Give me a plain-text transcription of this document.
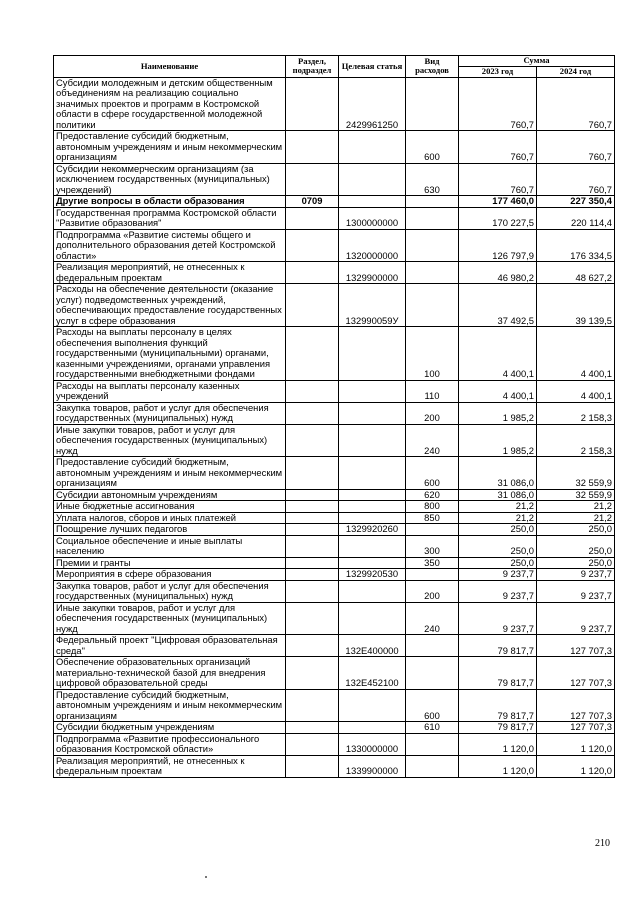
Наименование	Раздел, подраздел	Целевая статья	Вид расходов	Сумма	
				2023 год	2024 год
Субсидии молодежным и детским общественным объединениям на реализацию социально значимых проектов и программ в Костромской области в сфере государственной молодежной политики		2429961250		760,7	760,7
Предоставление субсидий бюджетным, автономным учреждениям и иным некоммерческим организациям			600	760,7	760,7
Субсидии некоммерческим организациям (за исключением государственных (муниципальных) учреждений)			630	760,7	760,7
Другие вопросы в области образования	0709			177 460,0	227 350,4
Государственная программа Костромской области "Развитие образования"		1300000000		170 227,5	220 114,4
Подпрограмма «Развитие системы общего и дополнительного образования детей Костромской области»		1320000000		126 797,9	176 334,5
Реализация мероприятий, не отнесенных к федеральным проектам		1329900000		46 980,2	48 627,2
Расходы на обеспечение деятельности (оказание услуг) подведомственных учреждений, обеспечивающих предоставление государственных услуг в сфере образования		132990059У		37 492,5	39 139,5
Расходы на выплаты персоналу в целях обеспечения выполнения функций государственными (муниципальными) органами, казенными учреждениями, органами управления государственными внебюджетными фондами			100	4 400,1	4 400,1
Расходы на выплаты персоналу казенных учреждений			110	4 400,1	4 400,1
Закупка товаров, работ и услуг для обеспечения государственных (муниципальных) нужд			200	1 985,2	2 158,3
Иные закупки товаров, работ и услуг для обеспечения государственных (муниципальных) нужд			240	1 985,2	2 158,3
Предоставление субсидий бюджетным, автономным учреждениям и иным некоммерческим организациям			600	31 086,0	32 559,9
Субсидии автономным учреждениям			620	31 086,0	32 559,9
Иные бюджетные ассигнования			800	21,2	21,2
Уплата налогов, сборов и иных платежей			850	21,2	21,2
Поощрение лучших педагогов		1329920260		250,0	250,0
Социальное обеспечение и иные выплаты населению			300	250,0	250,0
Премии и гранты			350	250,0	250,0
Мероприятия в сфере образования		1329920530		9 237,7	9 237,7
Закупка товаров, работ и услуг для обеспечения государственных (муниципальных) нужд			200	9 237,7	9 237,7
Иные закупки товаров, работ и услуг для обеспечения государственных (муниципальных) нужд			240	9 237,7	9 237,7
Федеральный проект "Цифровая образовательная среда"		132E400000		79 817,7	127 707,3
Обеспечение образовательных организаций материально-технической базой для внедрения цифровой образовательной среды		132E452100		79 817,7	127 707,3
Предоставление субсидий бюджетным, автономным учреждениям и иным некоммерческим организациям			600	79 817,7	127 707,3
Субсидии бюджетным учреждениям			610	79 817,7	127 707,3
Подпрограмма «Развитие профессионального образования Костромской области»		1330000000		1 120,0	1 120,0
Реализация мероприятий, не отнесенных к федеральным проектам		1339900000		1 120,0	1 120,0
210
